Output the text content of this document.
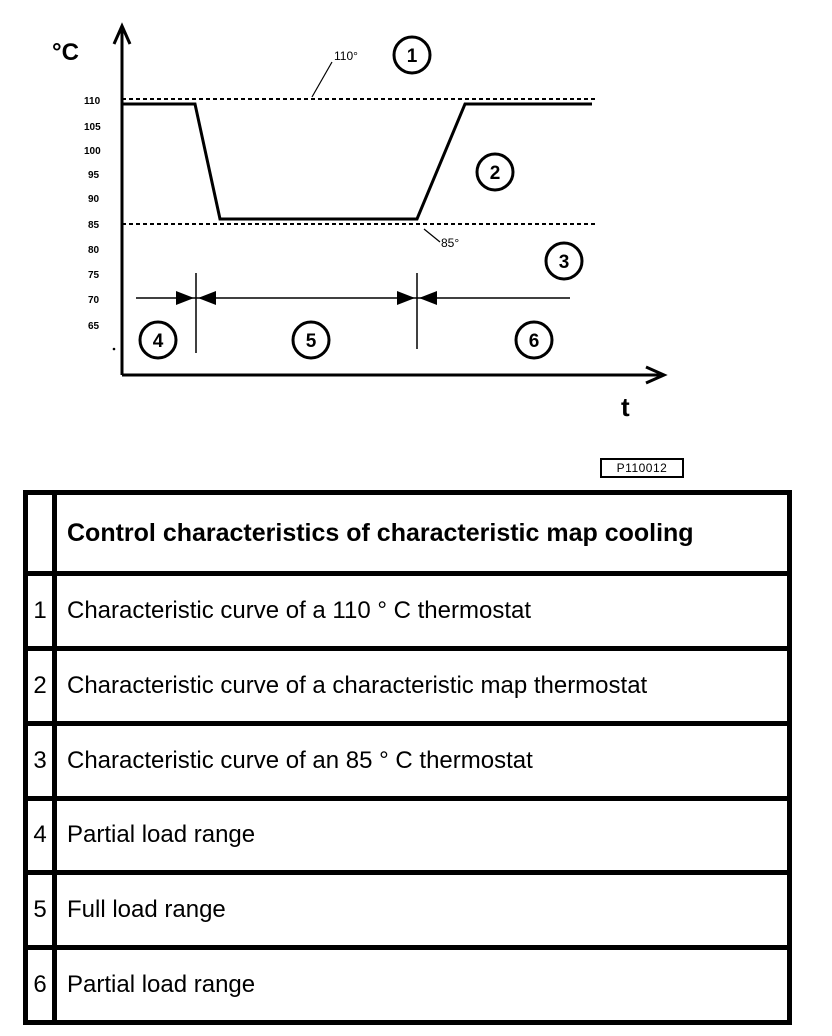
°C
t
110
105
100
95
90
85
80
75
70
65
110°
85°
1
2
3
4	5	6
P110012
	Control characteristics of characteristic map cooling
1	Characteristic curve of a 110 ° C thermostat
2	Characteristic curve of a characteristic map thermostat
3	Characteristic curve of an 85 ° C thermostat
4	Partial load range
5	Full load range
6	Partial load range
